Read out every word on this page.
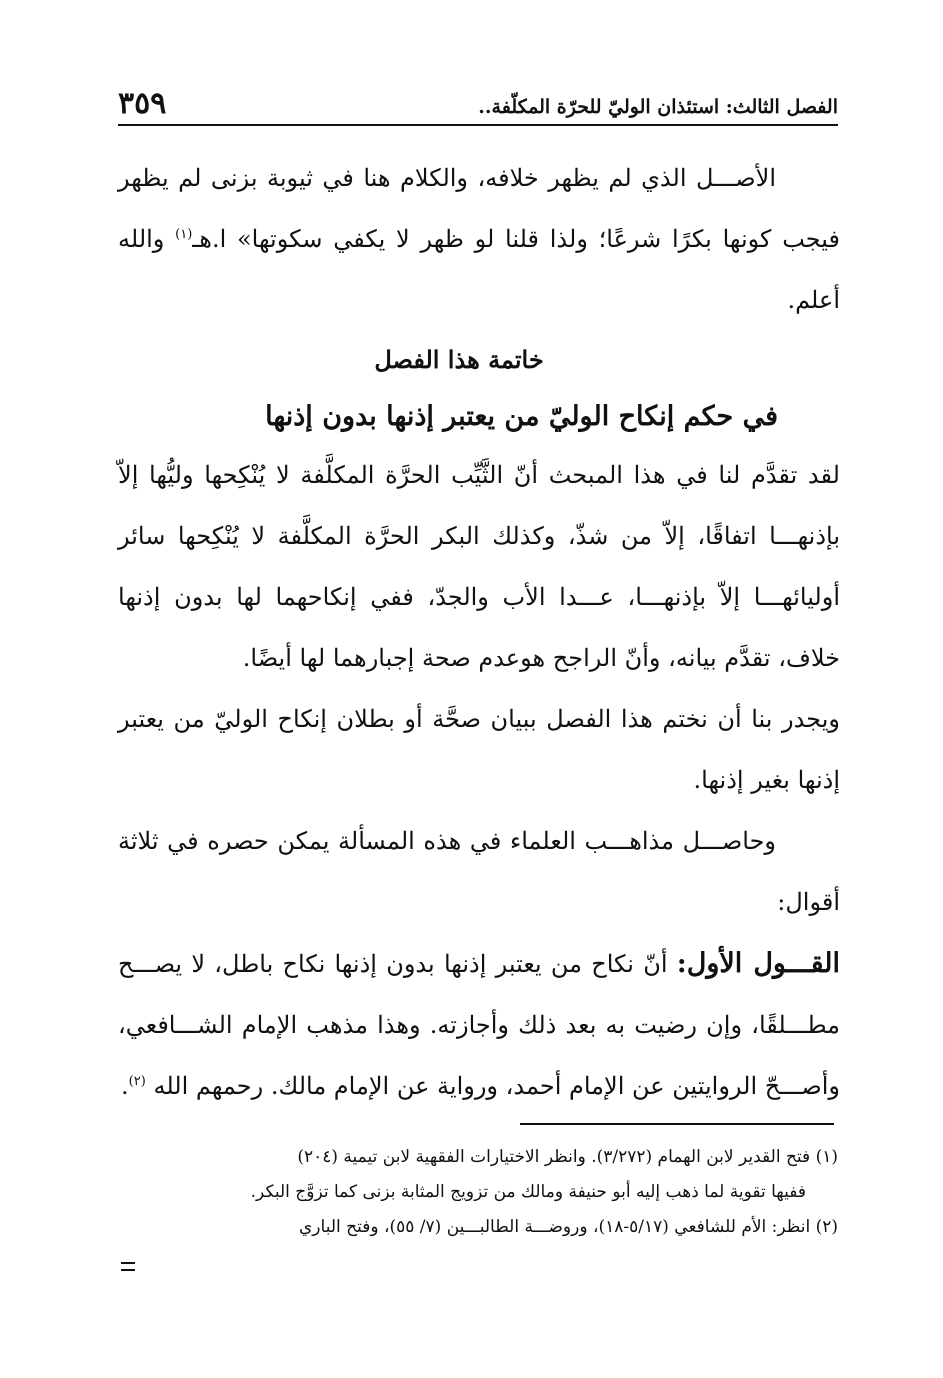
الفصل الثالث: استئذان الوليّ للحرّة المكلّفة..
٣٥٩

الأصـــل الذي لم يظهر خلافه، والكلام هنا في ثيوبة بزنى لم يظهر فيجب كونها بكرًا شرعًا؛ ولذا قلنا لو ظهر لا يكفي سكوتها» ا.هـ$^{(١)}$ والله أعلم.

خاتمة هذا الفصل

في حكم إنكاح الوليّ من يعتبر إذنها بدون إذنها

لقد تقدَّم لنا في هذا المبحث أنّ الثَّيِّب الحرَّة المكلَّفة لا يُنْكِحها وليُّها إلاّ بإذنهـــا اتفاقًا، إلاّ من شذّ، وكذلك البكر الحرَّة المكلَّفة لا يُنْكِحها سائر أوليائهـــا إلاّ بإذنهـــا، عـــدا الأب والجدّ، ففي إنكاحهما لها بدون إذنها خلاف، تقدَّم بيانه، وأنّ الراجح هوعدم صحة إجبارهما لها أيضًا.

ويجدر بنا أن نختم هذا الفصل ببيان صحَّة أو بطلان إنكاح الوليّ من يعتبر إذنها بغير إذنها.

وحاصـــل مذاهـــب العلماء في هذه المسألة يمكن حصره في ثلاثة أقوال:

القـــول الأول: أنّ نكاح من يعتبر إذنها بدون إذنها نكاح باطل، لا يصـــح مطـــلقًا، وإن رضيت به بعد ذلك وأجازته. وهذا مذهب الإمام الشـــافعي، وأصـــحّ الروايتين عن الإمام أحمد، ورواية عن الإمام مالك. رحمهم الله $^{(٢)}$.

(١) فتح القدير لابن الهمام (٣/٢٧٢). وانظر الاختيارات الفقهية لابن تيمية (٢٠٤)

ففيها تقوية لما ذهب إليه أبو حنيفة ومالك من تزويج المثابة بزنى كما تزوَّج البكر.

(٢) انظر: الأم للشافعي (٥/١٧-١٨)، وروضـــة الطالبـــين (٧/ ٥٥)، وفتح الباري
